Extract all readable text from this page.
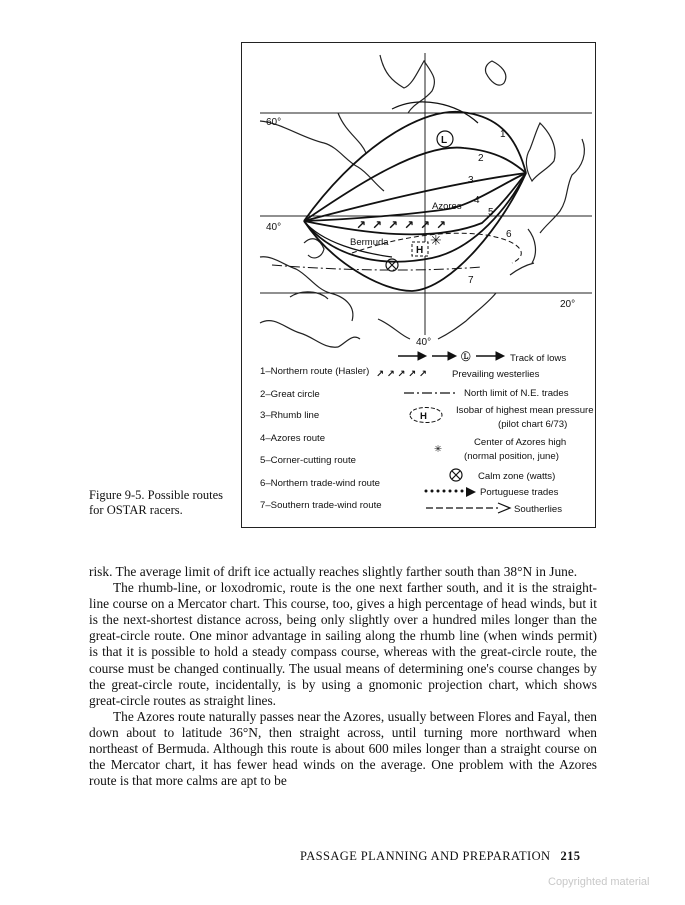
↗ ↗ ↗ ↗ ↗ ↗
✳
L
60°
40°
20°
40°
Azores
Bermuda
H
1
2
3
4
5
6
7
1–Northern route (Hasler)
2–Great circle
3–Rhumb line
4–Azores route
5–Corner-cutting route
6–Northern trade-wind route
7–Southern trade-wind route
Ⓛ	Track of lows
↗ ↗ ↗ ↗ ↗	Prevailing westerlies
North limit of N.E. trades
H
Isobar of highest mean pressure
(pilot chart 6/73)
✳
Center of Azores high
(normal position, june)
Calm zone (watts)
Portuguese trades
Southerlies
Figure 9-5. Possible routes for OSTAR racers.

risk. The average limit of drift ice actually reaches slightly farther south than 38°N in June.

The rhumb-line, or loxodromic, route is the one next farther south, and it is the straight-line course on a Mercator chart. This course, too, gives a high percentage of head winds, but it is the next-shortest distance across, being only slightly over a hundred miles longer than the great-circle route. One minor advantage in sailing along the rhumb line (when winds permit) is that it is possible to hold a steady compass course, whereas with the great-circle route, the course must be changed continually. The usual means of determining one's course changes by the great-circle route, incidentally, is by using a gnomonic projection chart, which shows great-circle routes as straight lines.

The Azores route naturally passes near the Azores, usually between Flores and Fayal, then down about to latitude 36°N, then straight across, until turning more northward when northeast of Bermuda. Although this route is about 600 miles longer than a straight course on the Mercator chart, it has fewer head winds on the average. One problem with the Azores route is that more calms are apt to be

PASSAGE PLANNING AND PREPARATION 215
Copyrighted material
